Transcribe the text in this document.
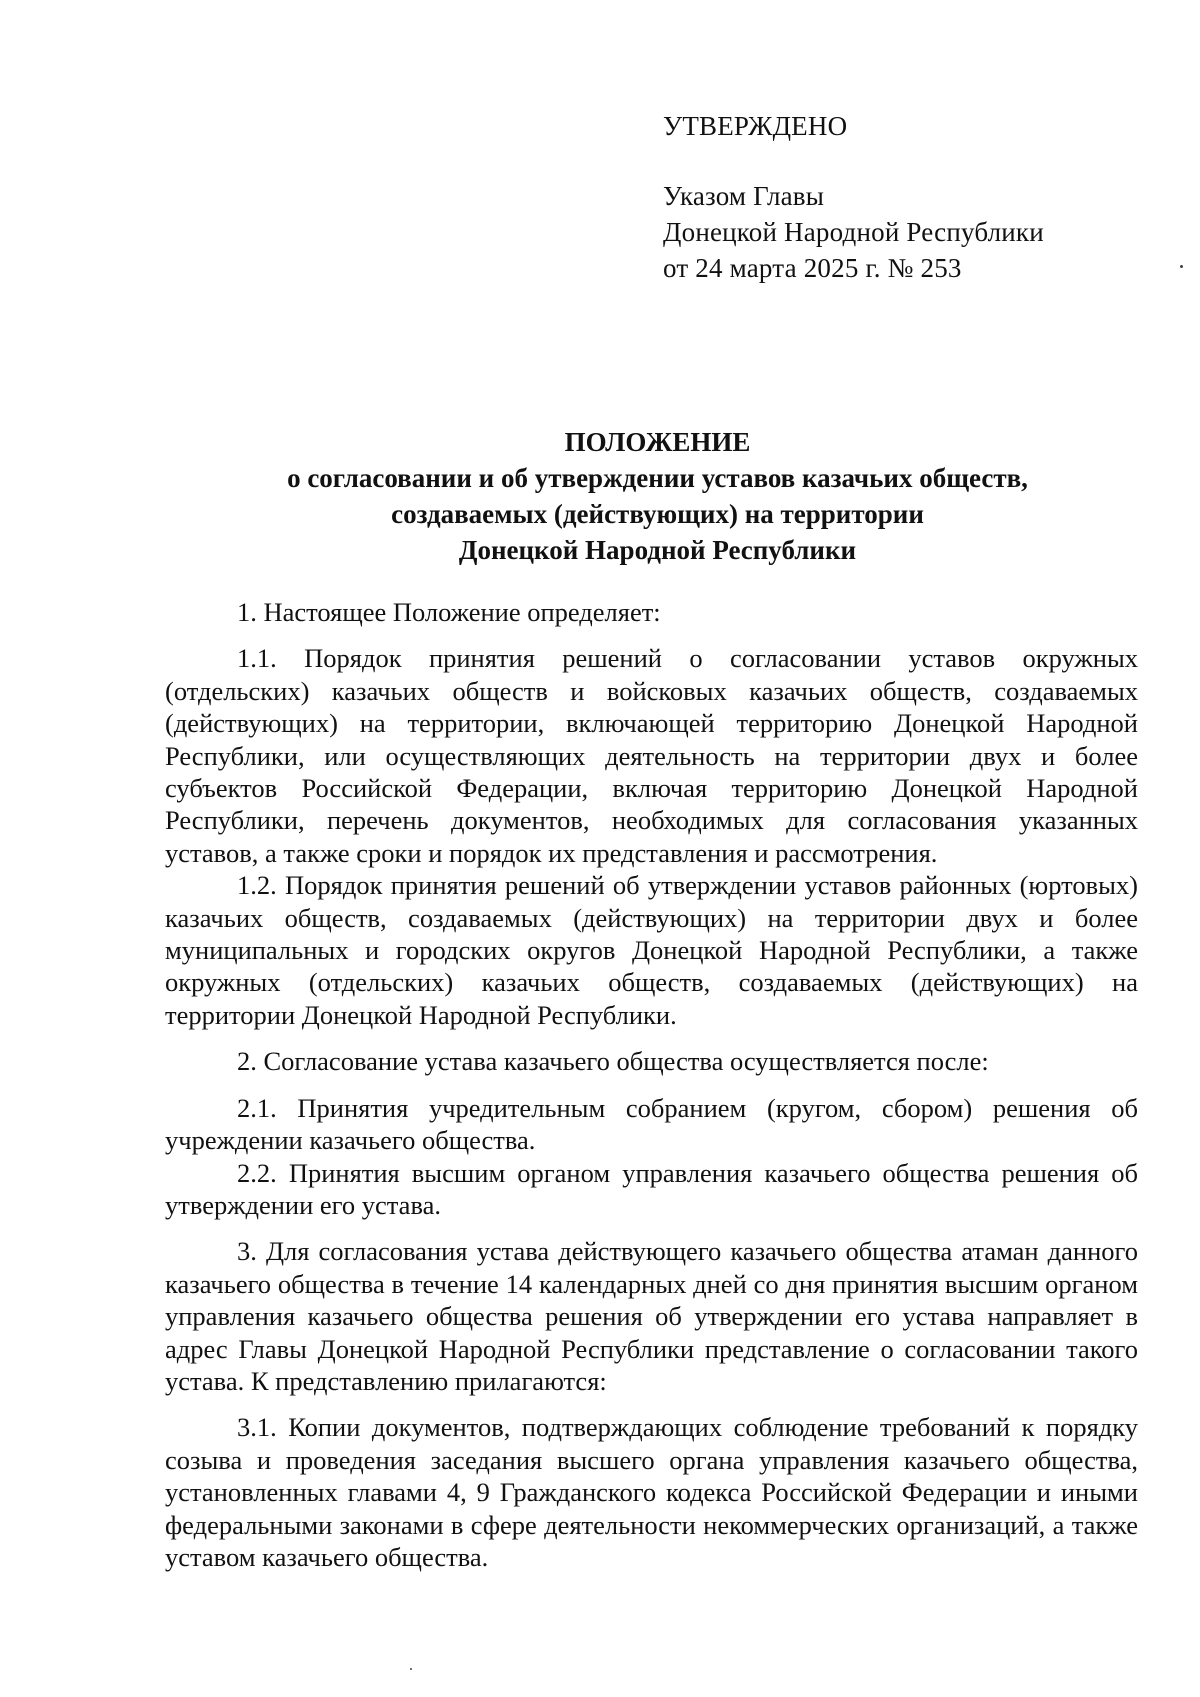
УТВЕРЖДЕНО
Указом Главы
Донецкой Народной Республики
от 24 марта 2025 г. № 253
ПОЛОЖЕНИЕ
о согласовании и об утверждении уставов казачьих обществ,
создаваемых (действующих) на территории
Донецкой Народной Республики

1. Настоящее Положение определяет:

1.1. Порядок принятия решений о согласовании уставов окружных (отдельских) казачьих обществ и войсковых казачьих обществ, создаваемых (действующих) на территории, включающей территорию Донецкой Народной Республики, или осуществляющих деятельность на территории двух и более субъектов Российской Федерации, включая территорию Донецкой Народной Республики, перечень документов, необходимых для согласования указанных уставов, а также сроки и порядок их представления и рассмотрения.

1.2. Порядок принятия решений об утверждении уставов районных (юртовых) казачьих обществ, создаваемых (действующих) на территории двух и более муниципальных и городских округов Донецкой Народной Республики, а также окружных (отдельских) казачьих обществ, создаваемых (действующих) на территории Донецкой Народной Республики.

2. Согласование устава казачьего общества осуществляется после:

2.1. Принятия учредительным собранием (кругом, сбором) решения об учреждении казачьего общества.

2.2. Принятия высшим органом управления казачьего общества решения об утверждении его устава.

3. Для согласования устава действующего казачьего общества атаман данного казачьего общества в течение 14 календарных дней со дня принятия высшим органом управления казачьего общества решения об утверждении его устава направляет в адрес Главы Донецкой Народной Республики представление о согласовании такого устава. К представлению прилагаются:

3.1. Копии документов, подтверждающих соблюдение требований к порядку созыва и проведения заседания высшего органа управления казачьего общества, установленных главами 4, 9 Гражданского кодекса Российской Федерации и иными федеральными законами в сфере деятельности некоммерческих организаций, а также уставом казачьего общества.
